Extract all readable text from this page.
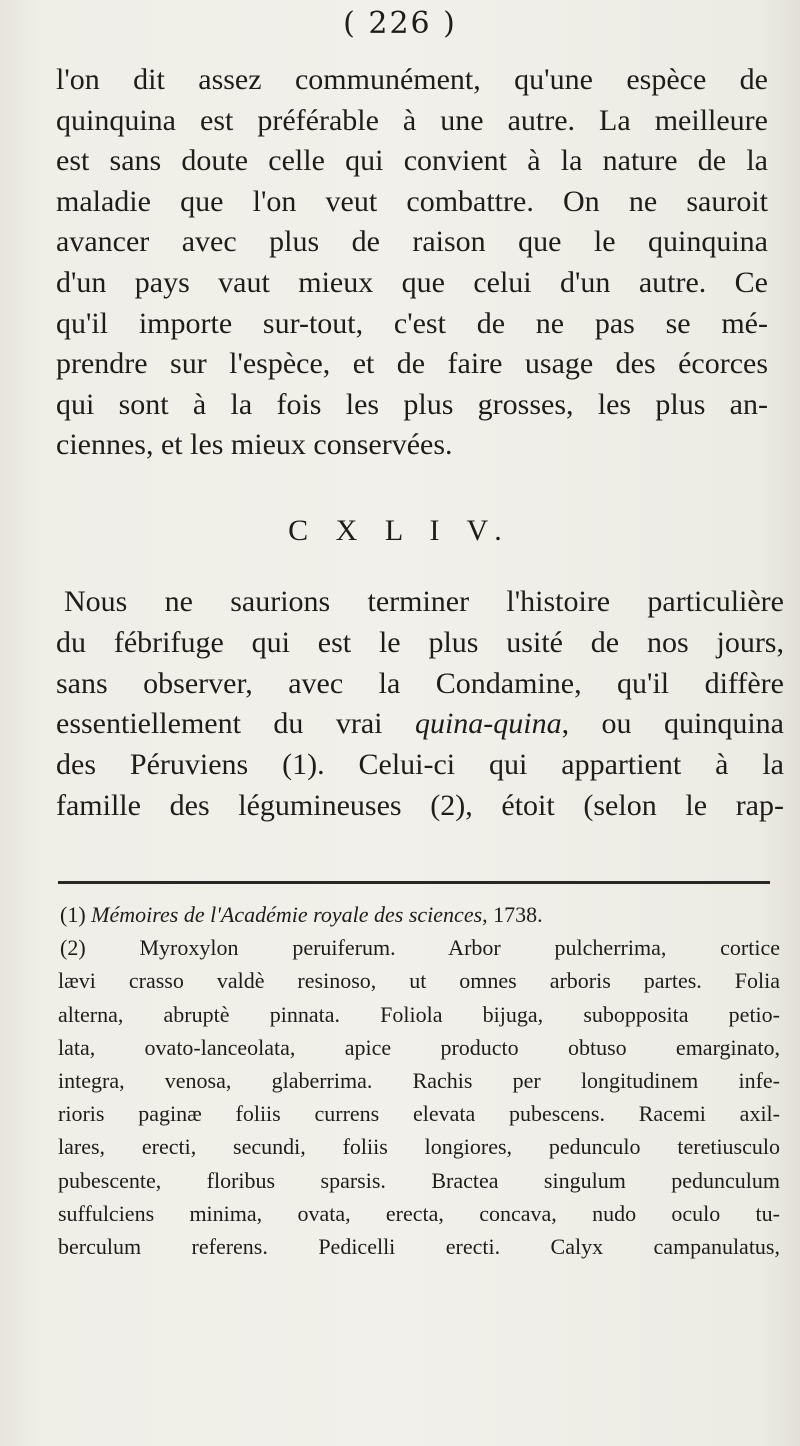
( 226 )
l'on dit assez communément, qu'une espèce de
quinquina est préférable à une autre. La meilleure
est sans doute celle qui convient à la nature de la
maladie que l'on veut combattre. On ne sauroit
avancer avec plus de raison que le quinquina
d'un pays vaut mieux que celui d'un autre. Ce
qu'il importe sur-tout, c'est de ne pas se mé-
prendre sur l'espèce, et de faire usage des écorces
qui sont à la fois les plus grosses, les plus an-
ciennes, et les mieux conservées.
C X L I V.
Nous ne saurions terminer l'histoire particulière
du fébrifuge qui est le plus usité de nos jours,
sans observer, avec la Condamine, qu'il diffère
essentiellement du vrai quina-quina, ou quinquina
des Péruviens (1). Celui-ci qui appartient à la
famille des légumineuses (2), étoit (selon le rap-
(1) Mémoires de l'Académie royale des sciences, 1738.
(2) Myroxylon peruiferum. Arbor pulcherrima, cortice
lævi crasso valdè resinoso, ut omnes arboris partes. Folia
alterna, abruptè pinnata. Foliola bijuga, subopposita petio-
lata, ovato-lanceolata, apice producto obtuso emarginato,
integra, venosa, glaberrima. Rachis per longitudinem infe-
rioris paginæ foliis currens elevata pubescens. Racemi axil-
lares, erecti, secundi, foliis longiores, pedunculo teretiusculo
pubescente, floribus sparsis. Bractea singulum pedunculum
suffulciens minima, ovata, erecta, concava, nudo oculo tu-
berculum referens. Pedicelli erecti. Calyx campanulatus,
